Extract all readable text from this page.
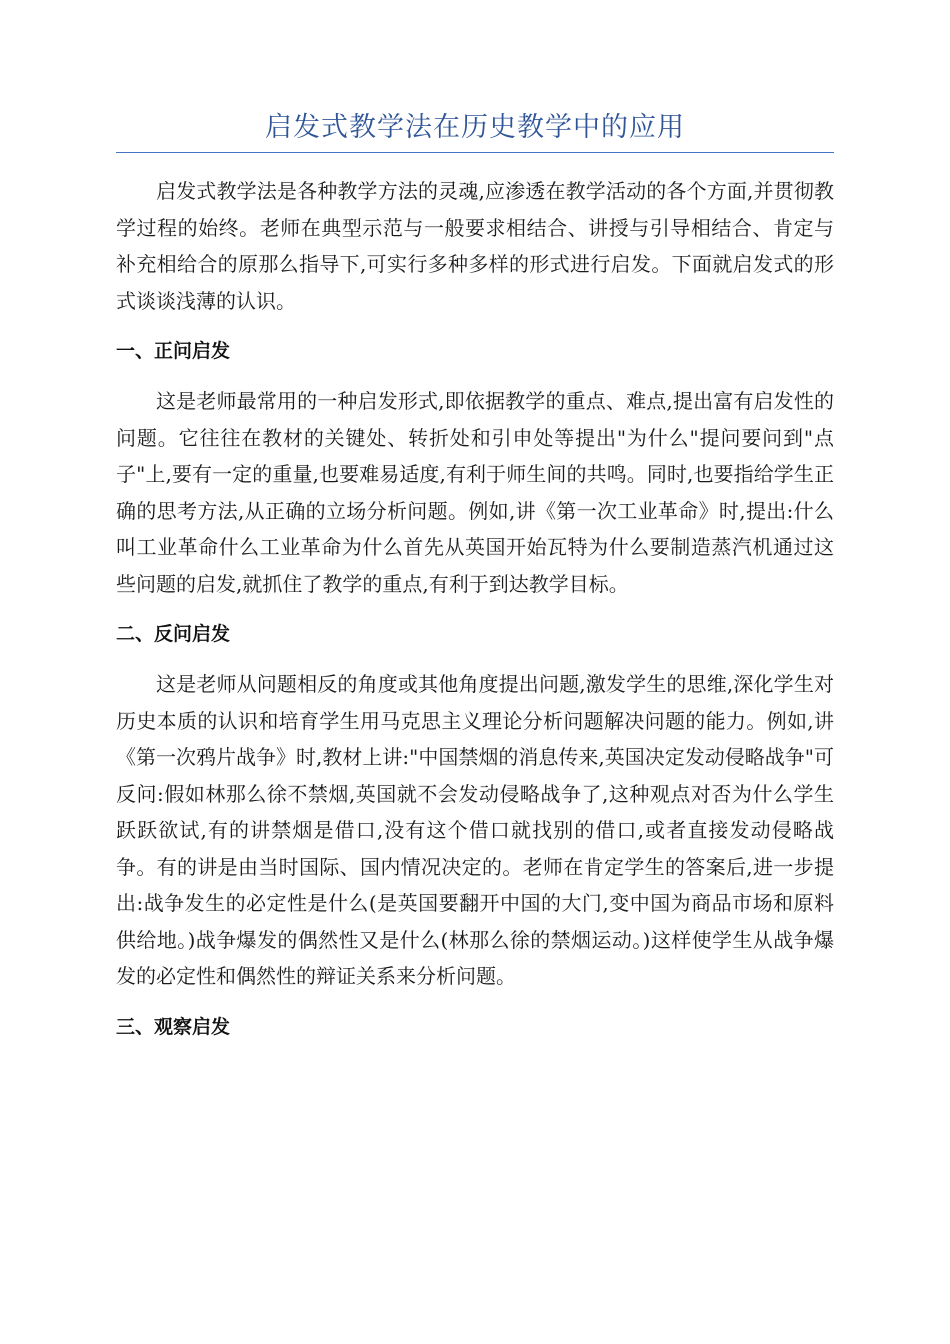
启发式教学法在历史教学中的应用

启发式教学法是各种教学方法的灵魂,应渗透在教学活动的各个方面,并贯彻教学过程的始终。老师在典型示范与一般要求相结合、讲授与引导相结合、肯定与补充相给合的原那么指导下,可实行多种多样的形式进行启发。下面就启发式的形式谈谈浅薄的认识。

一、正问启发

这是老师最常用的一种启发形式,即依据教学的重点、难点,提出富有启发性的问题。它往往在教材的关键处、转折处和引申处等提出"为什么"提问要问到"点子"上,要有一定的重量,也要难易适度,有利于师生间的共鸣。同时,也要指给学生正确的思考方法,从正确的立场分析问题。例如,讲《第一次工业革命》时,提出:什么叫工业革命什么工业革命为什么首先从英国开始瓦特为什么要制造蒸汽机通过这些问题的启发,就抓住了教学的重点,有利于到达教学目标。

二、反问启发

这是老师从问题相反的角度或其他角度提出问题,激发学生的思维,深化学生对历史本质的认识和培育学生用马克思主义理论分析问题解决问题的能力。例如,讲《第一次鸦片战争》时,教材上讲:"中国禁烟的消息传来,英国决定发动侵略战争"可反问:假如林那么徐不禁烟,英国就不会发动侵略战争了,这种观点对否为什么学生跃跃欲试,有的讲禁烟是借口,没有这个借口就找别的借口,或者直接发动侵略战争。有的讲是由当时国际、国内情况决定的。老师在肯定学生的答案后,进一步提出:战争发生的必定性是什么(是英国要翻开中国的大门,变中国为商品市场和原料供给地。)战争爆发的偶然性又是什么(林那么徐的禁烟运动。)这样使学生从战争爆发的必定性和偶然性的辩证关系来分析问题。

三、观察启发
